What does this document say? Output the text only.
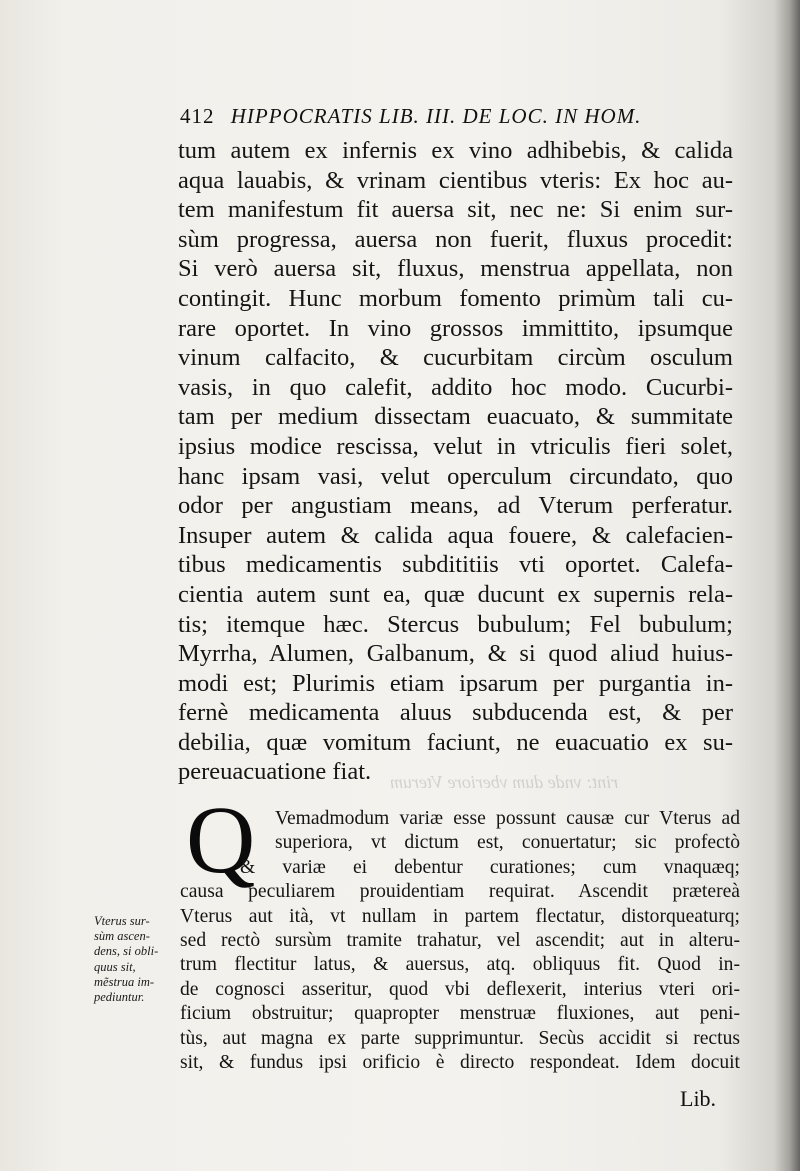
rint: vnde dum vberiore Vterum
412 HIPPOCRATIS LIB. III. DE LOC. IN HOM.
tum autem ex infernis ex vino adhibebis, & calida
aqua lauabis, & vrinam cientibus vteris: Ex hoc au-
tem manifestum fit auersa sit, nec ne: Si enim sur-
sùm progressa, auersa non fuerit, fluxus procedit:
Si verò auersa sit, fluxus, menstrua appellata, non
contingit. Hunc morbum fomento primùm tali cu-
rare oportet. In vino grossos immittito, ipsumque
vinum calfacito, & cucurbitam circùm osculum
vasis, in quo calefit, addito hoc modo. Cucurbi-
tam per medium dissectam euacuato, & summitate
ipsius modice rescissa, velut in vtriculis fieri solet,
hanc ipsam vasi, velut operculum circundato, quo
odor per angustiam means, ad Vterum perferatur.
Insuper autem & calida aqua fouere, & calefacien-
tibus medicamentis subdititiis vti oportet. Calefa-
cientia autem sunt ea, quæ ducunt ex supernis rela-
tis; itemque hæc. Stercus bubulum; Fel bubulum;
Myrrha, Alumen, Galbanum, & si quod aliud huius-
modi est; Plurimis etiam ipsarum per purgantia in-
fernè medicamenta aluus subducenda est, & per
debilia, quæ vomitum faciunt, ne euacuatio ex su-
pereuacuatione fiat.
Q	Vemadmodum variæ esse possunt causæ cur Vterus ad
superiora, vt dictum est, conuertatur; sic profectò
& variæ ei debentur curationes; cum vnaquæq;
causa peculiarem prouidentiam requirat. Ascendit prætereà
Vterus aut ità, vt nullam in partem flectatur, distorqueaturq;
sed rectò sursùm tramite trahatur, vel ascendit; aut in alteru-
trum flectitur latus, & auersus, atq. obliquus fit. Quod in-
de cognosci asseritur, quod vbi deflexerit, interius vteri ori-
ficium obstruitur; quapropter menstruæ fluxiones, aut peni-
tùs, aut magna ex parte supprimuntur. Secùs accidit si rectus
sit, & fundus ipsi orificio è directo respondeat. Idem docuit
Vterus sur-
sùm ascen-
dens, si obli-
quus sit,
mẽstrua im-
pediuntur.
Lib.
